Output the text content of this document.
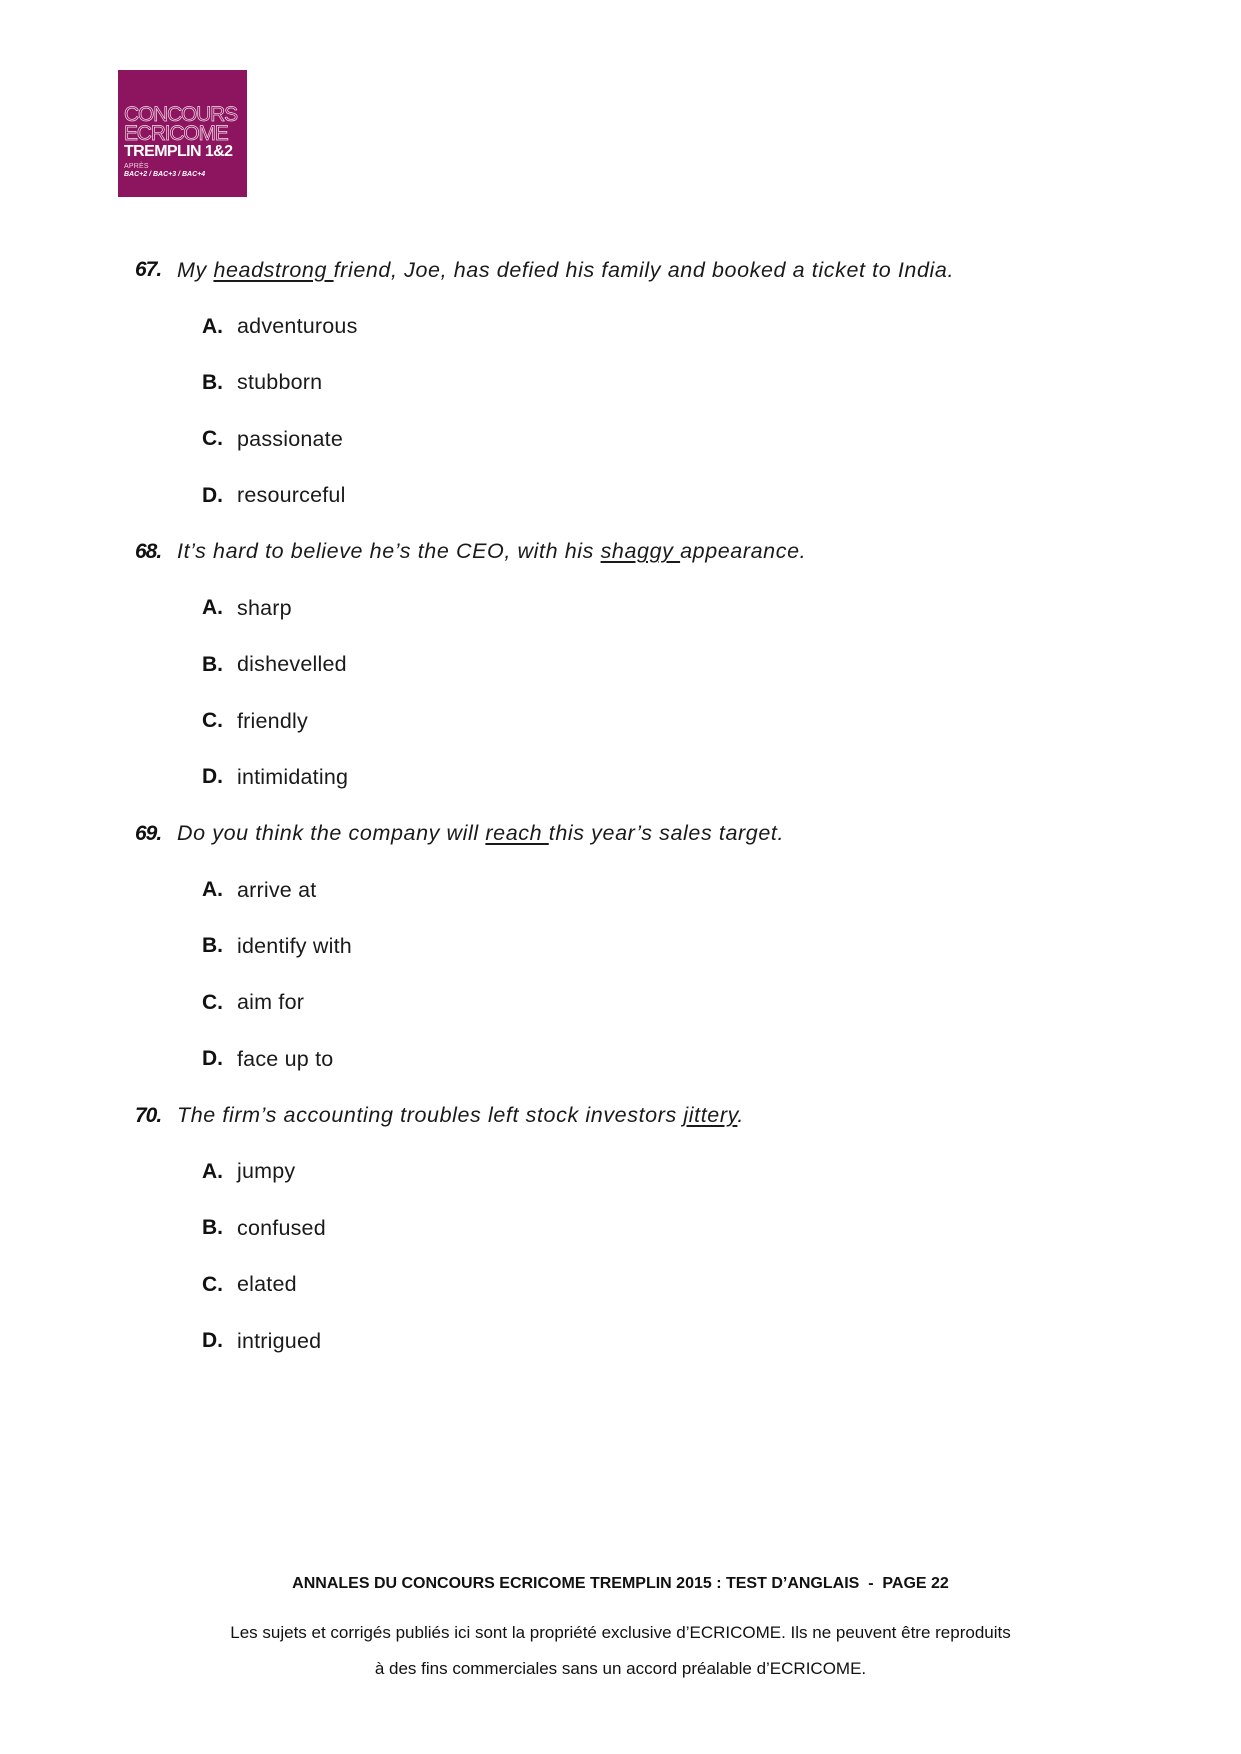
CONCOURS
ECRICOME
TREMPLIN 1&2
APRÈS
BAC+2 / BAC+3 / BAC+4
67. My headstrong friend, Joe, has defied his family and booked a ticket to India.
A. adventurous
B. stubborn
C. passionate
D. resourceful
68. It’s hard to believe he’s the CEO, with his shaggy appearance.
A. sharp
B. dishevelled
C. friendly
D. intimidating
69. Do you think the company will reach this year’s sales target.
A. arrive at
B. identify with
C. aim for
D. face up to
70. The firm’s accounting troubles left stock investors jittery.
A. jumpy
B. confused
C. elated
D. intrigued
ANNALES DU CONCOURS ECRICOME TREMPLIN 2015 : TEST D’ANGLAIS  -  PAGE 22
Les sujets et corrigés publiés ici sont la propriété exclusive d’ECRICOME. Ils ne peuvent être reproduits
à des fins commerciales sans un accord préalable d’ECRICOME.
